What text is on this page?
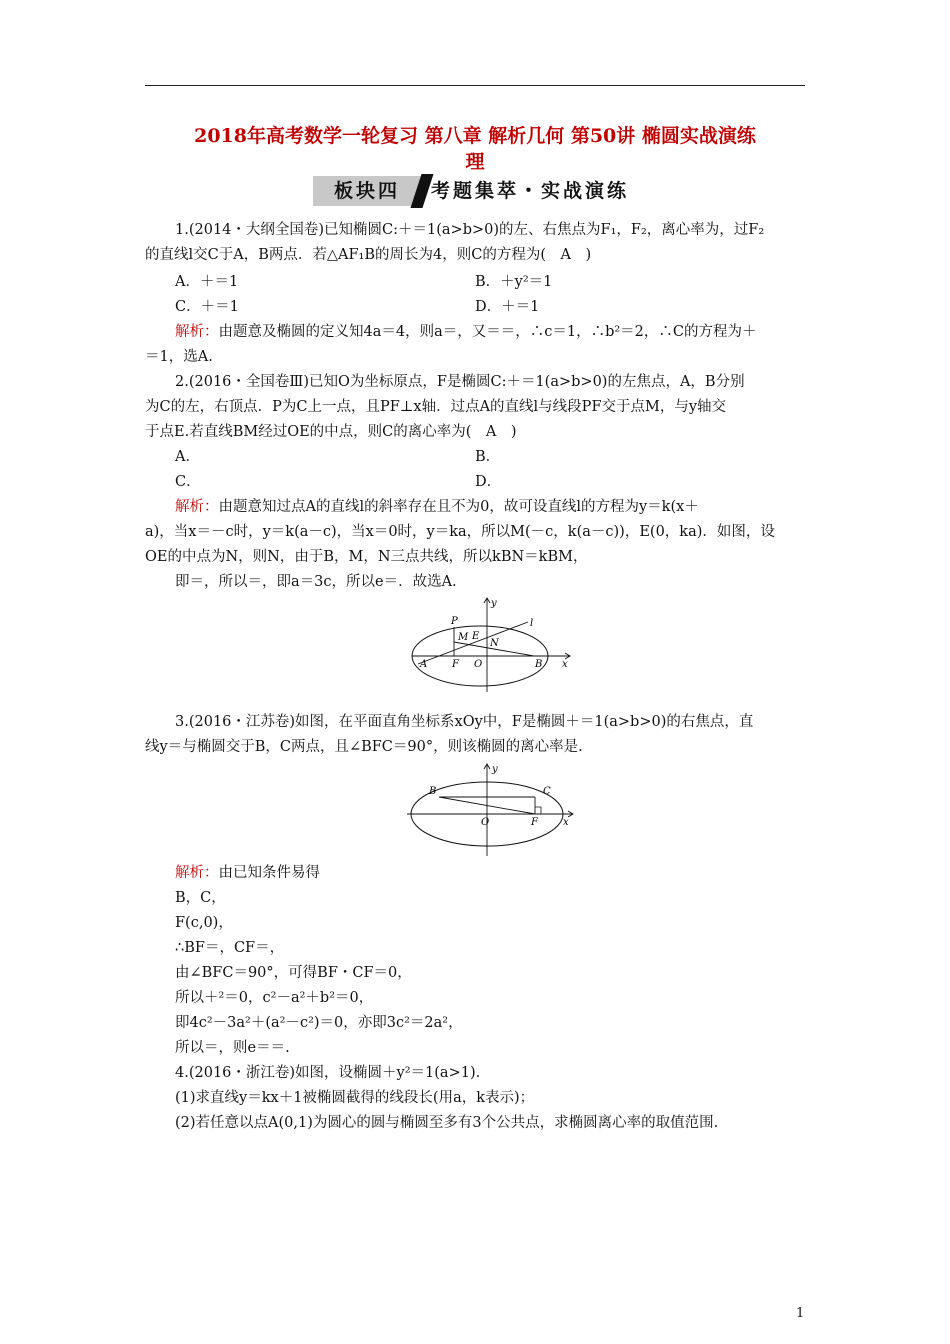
2018年高考数学一轮复习 第八章 解析几何 第50讲 椭圆实战演练
理
板块四	考题集萃・实战演练
1.(2014・大纲全国卷)已知椭圆C:＋＝1(a>b>0)的左、右焦点为F₁，F₂，离心率为，过F₂
的直线l交C于A，B两点．若△AF₁B的周长为4，则C的方程为(　A　)
A．＋＝1	B．＋y²＝1
C．＋＝1	D．＋＝1
解析：由题意及椭圆的定义知4a＝4，则a＝，又＝＝，∴c＝1，∴b²＝2，∴C的方程为＋
＝1，选A.
2.(2016・全国卷Ⅲ)已知O为坐标原点，F是椭圆C:＋＝1(a>b>0)的左焦点，A，B分别
为C的左，右顶点．P为C上一点，且PF⊥x轴．过点A的直线l与线段PF交于点M，与y轴交
于点E.若直线BM经过OE的中点，则C的离心率为(　A　)
A．	B．
C．	D．
解析：由题意知过点A的直线l的斜率存在且不为0，故可设直线l的方程为y＝k(x＋
a)，当x＝－c时，y＝k(a－c)，当x＝0时，y＝ka，所以M(－c，k(a－c))，E(0，ka)．如图，设
OE的中点为N，则N，由于B，M，N三点共线，所以kBN＝kBM，
即＝，所以＝，即a＝3c，所以e＝．故选A.
P
M E
N
l
y
A F O	B x
3.(2016・江苏卷)如图，在平面直角坐标系xOy中，F是椭圆＋＝1(a>b>0)的右焦点，直
线y＝与椭圆交于B，C两点，且∠BFC＝90°，则该椭圆的离心率是.
B	C
y
O	F	x
解析：由已知条件易得
B，C，
F(c,0)，
∴BF＝，CF＝，
由∠BFC＝90°，可得BF・CF＝0，
所以＋²＝0，c²－a²＋b²＝0，
即4c²－3a²＋(a²－c²)＝0，亦即3c²＝2a²，
所以＝，则e＝＝.
4.(2016・浙江卷)如图，设椭圆＋y²＝1(a>1).
(1)求直线y＝kx＋1被椭圆截得的线段长(用a，k表示)；
(2)若任意以点A(0,1)为圆心的圆与椭圆至多有3个公共点，求椭圆离心率的取值范围.
1
